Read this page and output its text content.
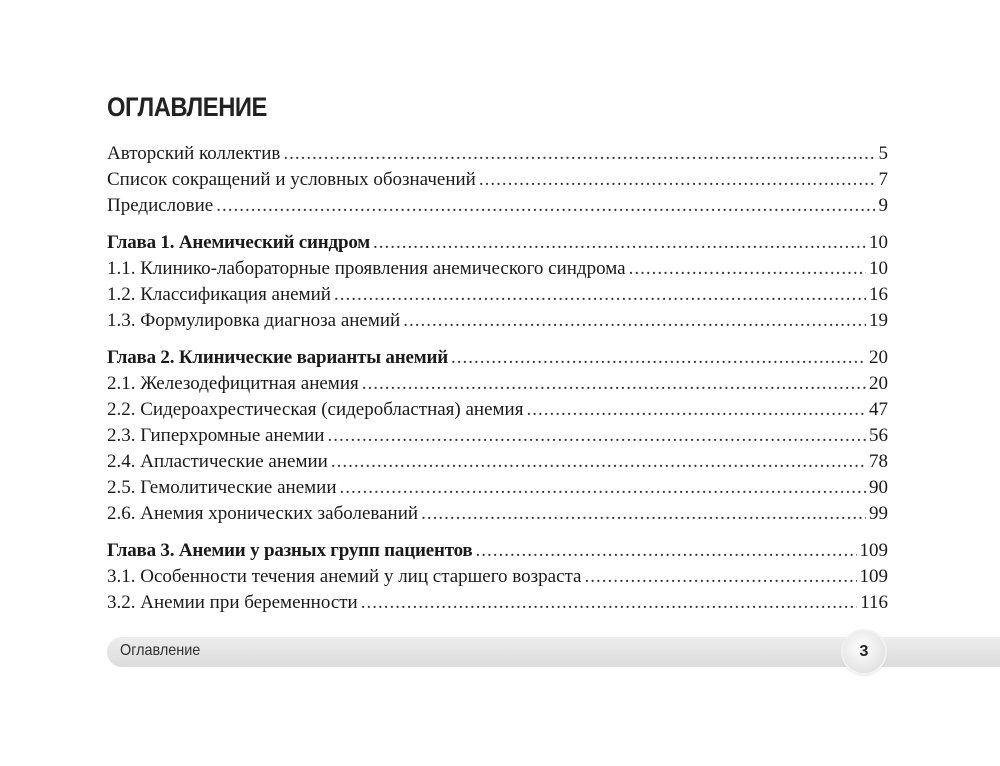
ОГЛАВЛЕНИЕ
Авторский коллектив .....	5
Список сокращений и условных обозначений .....	7
Предисловие .....	9
Глава 1. Анемический синдром .....	10
1.1. Клинико-лабораторные проявления анемического синдрома .....	10
1.2. Классификация анемий .....	16
1.3. Формулировка диагноза анемий .....	19
Глава 2. Клинические варианты анемий .....	20
2.1. Железодефицитная анемия .....	20
2.2. Сидероахрестическая (сидеробластная) анемия .....	47
2.3. Гиперхромные анемии .....	56
2.4. Апластические анемии .....	78
2.5. Гемолитические анемии .....	90
2.6. Анемия хронических заболеваний .....	99
Глава 3. Анемии у разных групп пациентов .....	109
3.1. Особенности течения анемий у лиц старшего возраста .....	109
3.2. Анемии при беременности .....	116
Оглавление	3
